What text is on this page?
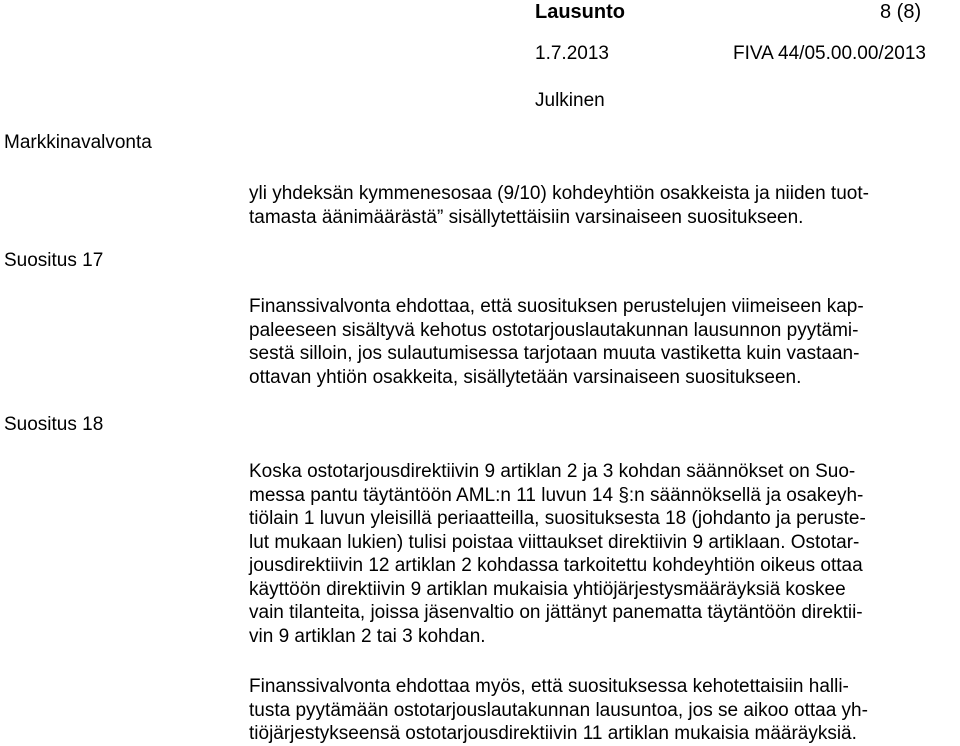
Lausunto	8 (8)
1.7.2013	FIVA 44/05.00.00/2013
Julkinen
Markkinavalvonta
Suositus 17
Suositus 18
yli yhdeksän kymmenesosaa (9/10) kohdeyhtiön osakkeista ja niiden tuot-
tamasta äänimäärästä” sisällytettäisiin varsinaiseen suositukseen.
Finanssivalvonta ehdottaa, että suosituksen perustelujen viimeiseen kap-
paleeseen sisältyvä kehotus ostotarjouslautakunnan lausunnon pyytämi-
sestä silloin, jos sulautumisessa tarjotaan muuta vastiketta kuin vastaan-
ottavan yhtiön osakkeita, sisällytetään varsinaiseen suositukseen.
Koska ostotarjousdirektiivin 9 artiklan 2 ja 3 kohdan säännökset on Suo-
messa pantu täytäntöön AML:n 11 luvun 14 §:n säännöksellä ja osakeyh-
tiölain 1 luvun yleisillä periaatteilla, suosituksesta 18 (johdanto ja peruste-
lut mukaan lukien) tulisi poistaa viittaukset direktiivin 9 artiklaan. Ostotar-
jousdirektiivin 12 artiklan 2 kohdassa tarkoitettu kohdeyhtiön oikeus ottaa
käyttöön direktiivin 9 artiklan mukaisia yhtiöjärjestysmääräyksiä koskee
vain tilanteita, joissa jäsenvaltio on jättänyt panematta täytäntöön direktii-
vin 9 artiklan 2 tai 3 kohdan.
Finanssivalvonta ehdottaa myös, että suosituksessa kehotettaisiin halli-
tusta pyytämään ostotarjouslautakunnan lausuntoa, jos se aikoo ottaa yh-
tiöjärjestykseensä ostotarjousdirektiivin 11 artiklan mukaisia määräyksiä.
